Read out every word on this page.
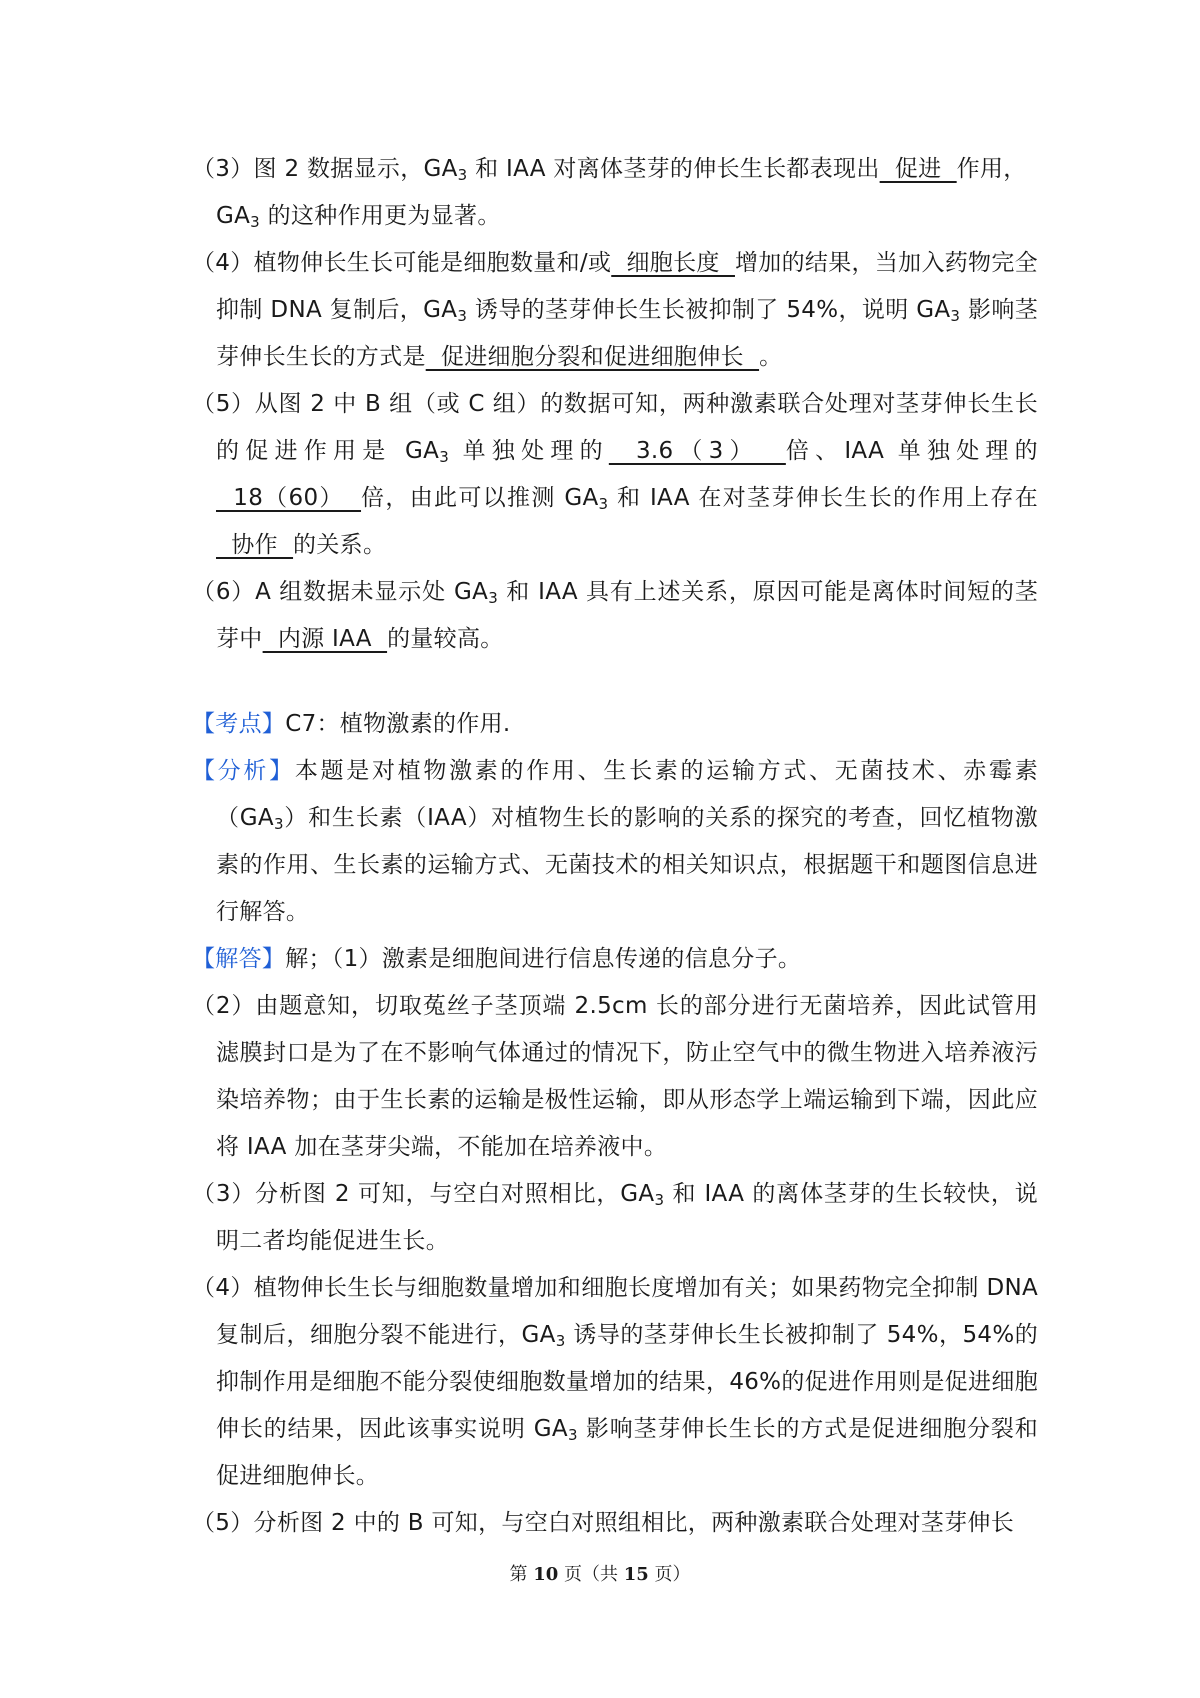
（3）图 2 数据显示，$GA_3$ 和 IAA 对离体茎芽的伸长生长都表现出  促进  作用，
$GA_3$ 的这种作用更为显著。

（4）植物伸长生长可能是细胞数量和/或  细胞长度  增加的结果，当加入药物完全抑制 DNA 复制后，$GA_3$ 诱导的茎芽伸长生长被抑制了 54%，说明 $GA_3$ 影响茎芽伸长生长的方式是  促进细胞分裂和促进细胞伸长  。

（5）从图 2 中 B 组（或 C 组）的数据可知，两种激素联合处理对茎芽伸长生长的促进作用是 $GA_3$ 单独处理的  3.6（3）  倍、IAA 单独处理的  18（60）  倍，由此可以推测 $GA_3$ 和 IAA 在对茎芽伸长生长的作用上存在  协作  的关系。

（6）A 组数据未显示处 $GA_3$ 和 IAA 具有上述关系，原因可能是离体时间短的茎芽中  内源 IAA  的量较高。

【考点】C7：植物激素的作用.

【分析】本题是对植物激素的作用、生长素的运输方式、无菌技术、赤霉素$(GA_3)$和生长素（IAA）对植物生长的影响的关系的探究的考查，回忆植物激素的作用、生长素的运输方式、无菌技术的相关知识点，根据题干和题图信息进行解答。

【解答】解；（1）激素是细胞间进行信息传递的信息分子。

（2）由题意知，切取菟丝子茎顶端 2.5cm 长的部分进行无菌培养，因此试管用滤膜封口是为了在不影响气体通过的情况下，防止空气中的微生物进入培养液污染培养物；由于生长素的运输是极性运输，即从形态学上端运输到下端，因此应将 IAA 加在茎芽尖端，不能加在培养液中。

（3）分析图 2 可知，与空白对照相比，$GA_3$ 和 IAA 的离体茎芽的生长较快，说明二者均能促进生长。

（4）植物伸长生长与细胞数量增加和细胞长度增加有关；如果药物完全抑制 DNA 复制后，细胞分裂不能进行，$GA_3$ 诱导的茎芽伸长生长被抑制了 54%，54%的抑制作用是细胞不能分裂使细胞数量增加的结果，46%的促进作用则是促进细胞伸长的结果，因此该事实说明 $GA_3$ 影响茎芽伸长生长的方式是促进细胞分裂和促进细胞伸长。

（5）分析图 2 中的 B 可知，与空白对照组相比，两种激素联合处理对茎芽伸长

第 10 页（共 15 页）
